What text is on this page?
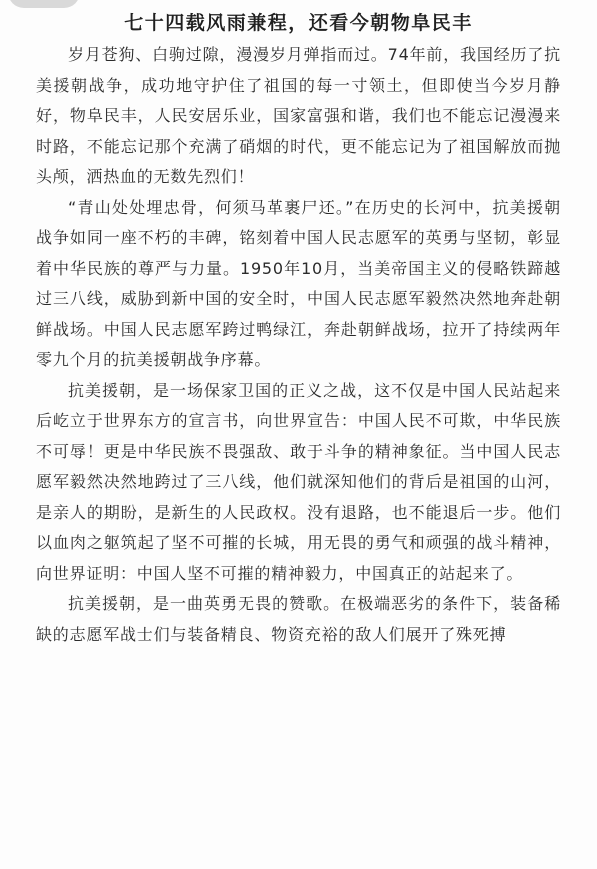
七十四载风雨兼程，还看今朝物阜民丰

岁月苍狗、白驹过隙，漫漫岁月弹指而过。74年前，我国经历了抗美援朝战争，成功地守护住了祖国的每一寸领土，但即使当今岁月静好，物阜民丰，人民安居乐业，国家富强和谐，我们也不能忘记漫漫来时路，不能忘记那个充满了硝烟的时代，更不能忘记为了祖国解放而抛头颅，洒热血的无数先烈们！

“青山处处埋忠骨，何须马革裹尸还。”在历史的长河中，抗美援朝战争如同一座不朽的丰碑，铭刻着中国人民志愿军的英勇与坚韧，彰显着中华民族的尊严与力量。1950年10月，当美帝国主义的侵略铁蹄越过三八线，威胁到新中国的安全时，中国人民志愿军毅然决然地奔赴朝鲜战场。中国人民志愿军跨过鸭绿江，奔赴朝鲜战场，拉开了持续两年零九个月的抗美援朝战争序幕。

抗美援朝，是一场保家卫国的正义之战，这不仅是中国人民站起来后屹立于世界东方的宣言书，向世界宣告：中国人民不可欺，中华民族不可辱！更是中华民族不畏强敌、敢于斗争的精神象征。当中国人民志愿军毅然决然地跨过了三八线，他们就深知他们的背后是祖国的山河，是亲人的期盼，是新生的人民政权。没有退路，也不能退后一步。他们以血肉之躯筑起了坚不可摧的长城，用无畏的勇气和顽强的战斗精神，向世界证明：中国人坚不可摧的精神毅力，中国真正的站起来了。

抗美援朝，是一曲英勇无畏的赞歌。在极端恶劣的条件下，装备稀缺的志愿军战士们与装备精良、物资充裕的敌人们展开了殊死搏
